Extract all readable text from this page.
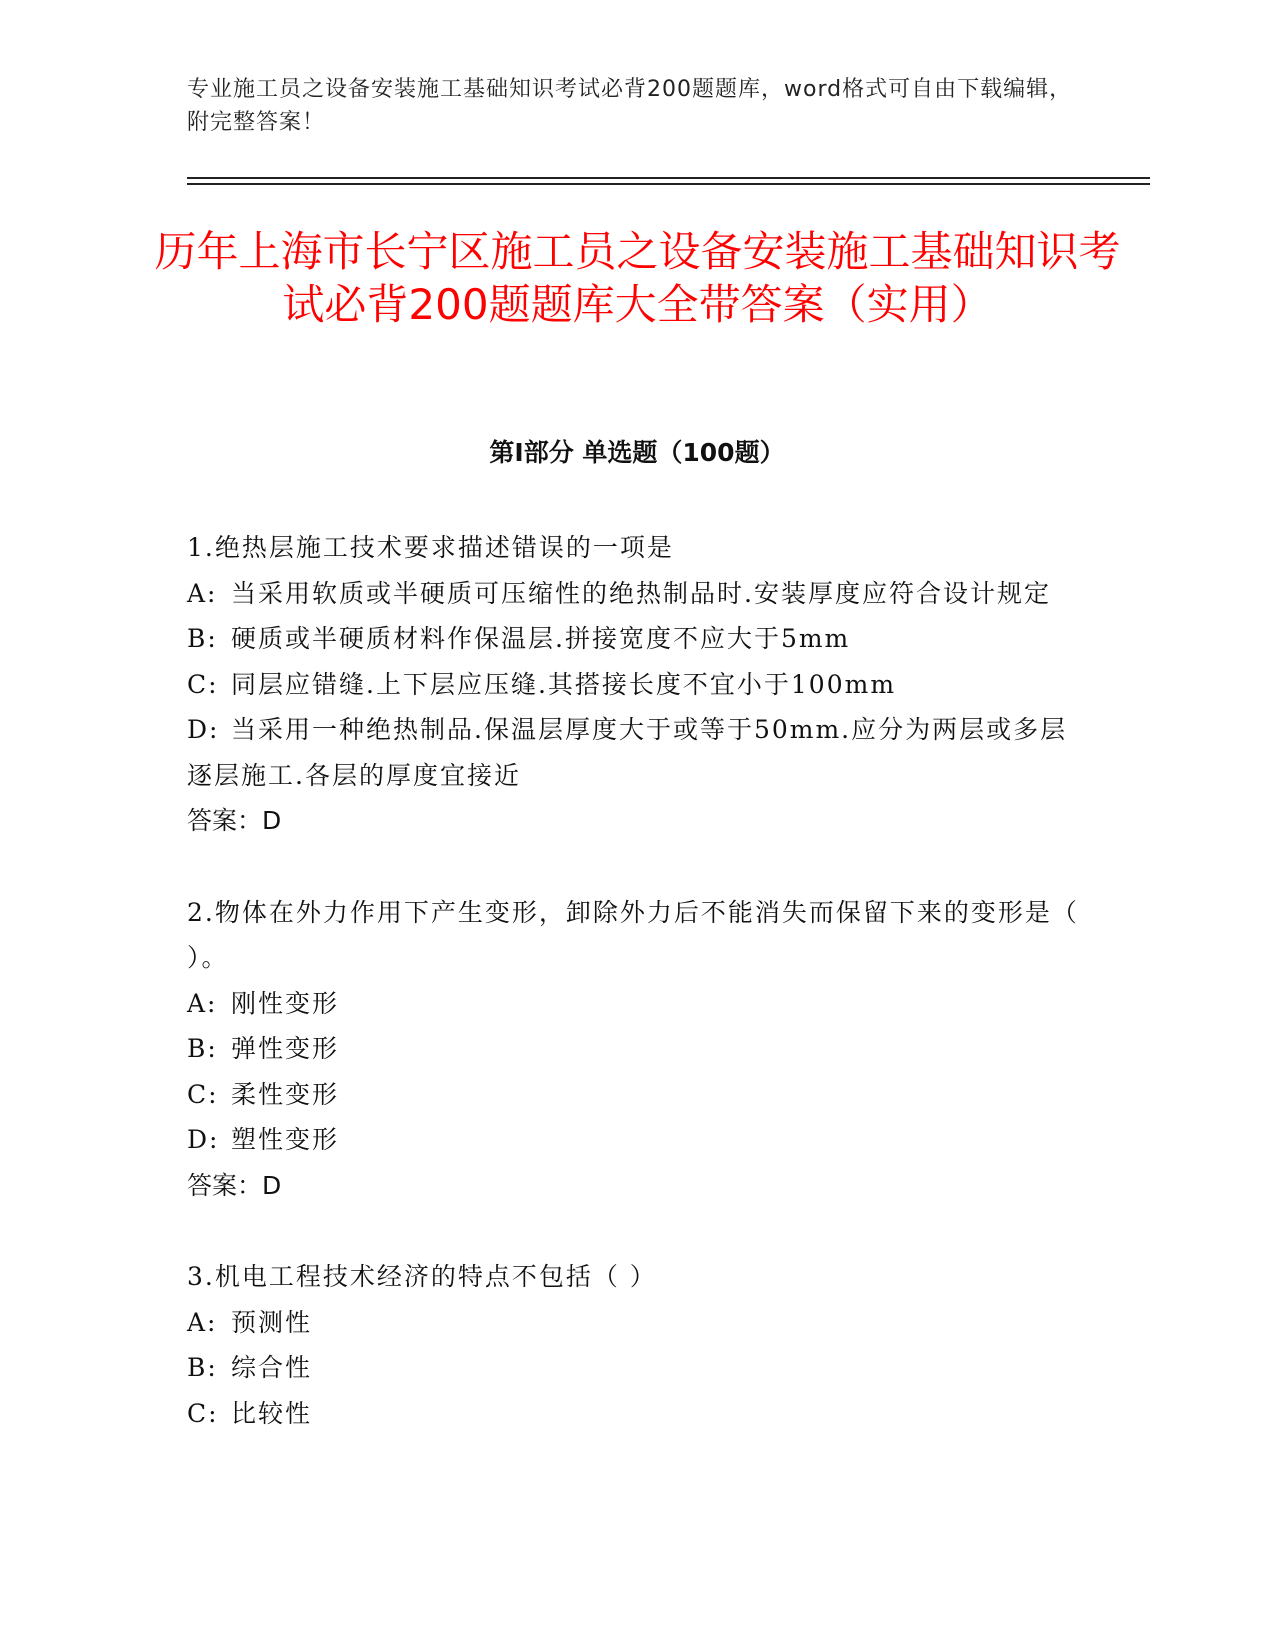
专业施工员之设备安装施工基础知识考试必背200题题库，word格式可自由下载编辑，附完整答案！
历年上海市长宁区施工员之设备安装施工基础知识考试必背200题题库大全带答案（实用）
第Ⅰ部分 单选题（100题）
1.绝热层施工技术要求描述错误的一项是
A: 当采用软质或半硬质可压缩性的绝热制品时.安装厚度应符合设计规定
B: 硬质或半硬质材料作保温层.拼接宽度不应大于5mm
C: 同层应错缝.上下层应压缝.其搭接长度不宜小于100mm
D: 当采用一种绝热制品.保温层厚度大于或等于50mm.应分为两层或多层逐层施工.各层的厚度宜接近
答案：D
2.物体在外力作用下产生变形，卸除外力后不能消失而保留下来的变形是（ ）。
A: 刚性变形
B: 弹性变形
C: 柔性变形
D: 塑性变形
答案：D
3.机电工程技术经济的特点不包括（ ）
A: 预测性
B: 综合性
C: 比较性
